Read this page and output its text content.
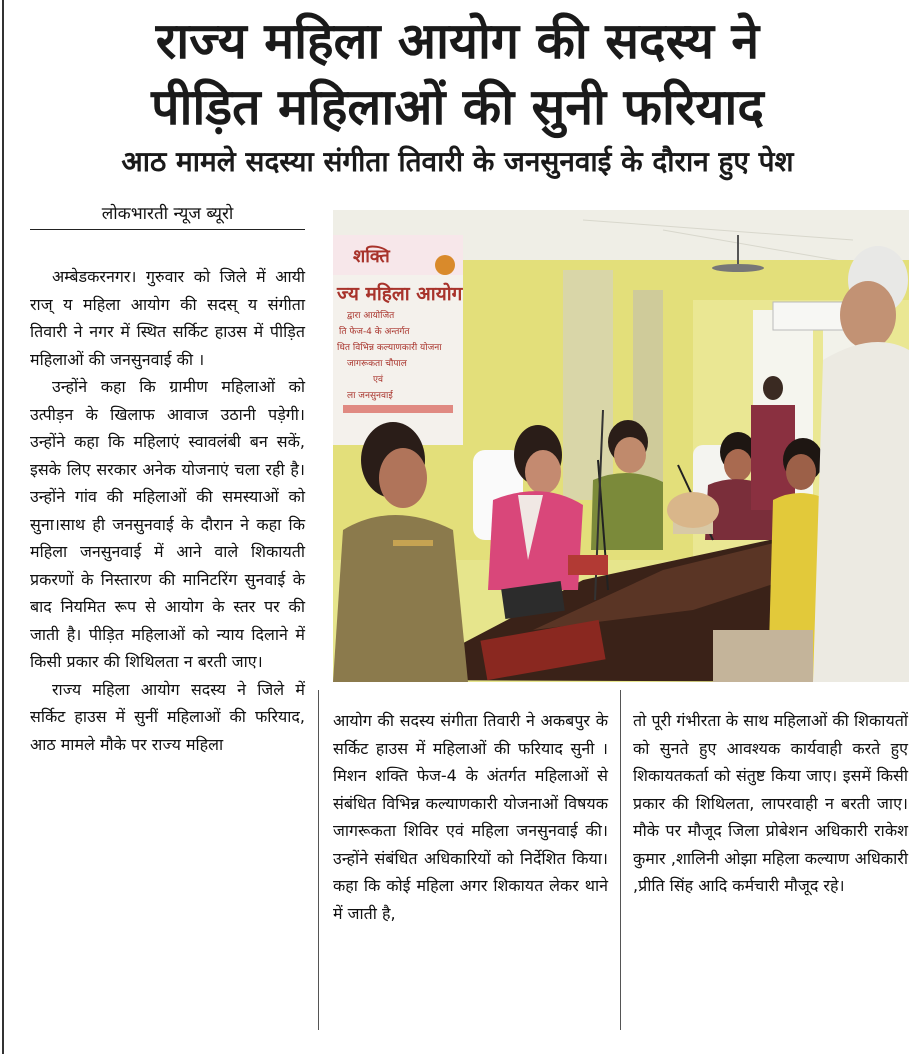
राज्य महिला आयोग की सदस्य ने
पीड़ित महिलाओं की सुनी फरियाद
आठ मामले सदस्या संगीता तिवारी के जनसुनवाई के दौरान हुए पेश
लोकभारती न्यूज ब्यूरो

अम्बेडकरनगर। गुरुवार को जिले में आयी राज् य महिला आयोग की सदस् य संगीता तिवारी ने नगर में स्थित सर्किट हाउस में पीड़ित महिलाओं की जनसुनवाई की ।

उन्होंने कहा कि ग्रामीण महिलाओं को उत्पीड़न के खिलाफ आवाज उठानी पड़ेगी। उन्होंने कहा कि महिलाएं स्वावलंबी बन सकें, इसके लिए सरकार अनेक योजनाएं चला रही है। उन्होंने गांव की महिलाओं की समस्याओं को सुना।साथ ही जनसुनवाई के दौरान ने कहा कि महिला जनसुनवाई में आने वाले शिकायती प्रकरणों के निस्तारण की मानिटरिंग सुनवाई के बाद नियमित रूप से आयोग के स्तर पर की जाती है। पीड़ित महिलाओं को न्याय दिलाने में किसी प्रकार की शिथिलता न बरती जाए।

राज्य महिला आयोग सदस्य ने जिले में सर्किट हाउस में सुनीं महिलाओं की फरियाद, आठ मामले मौके पर राज्य महिला

आयोग की सदस्य संगीता तिवारी ने अकबपुर के सर्किट हाउस में महिलाओं की फरियाद सुनी । मिशन शक्ति फेज-4 के अंतर्गत महिलाओं से संबंधित विभिन्न कल्याणकारी योजनाओं विषयक जागरूकता शिविर एवं महिला जनसुनवाई की। उन्होंने संबंधित अधिकारियों को निर्देशित किया। कहा कि कोई महिला अगर शिकायत लेकर थाने में जाती है,

तो पूरी गंभीरता के साथ महिलाओं की शिकायतों को सुनते हुए आवश्यक कार्यवाही करते हुए शिकायतकर्ता को संतुष्ट किया जाए। इसमें किसी प्रकार की शिथिलता, लापरवाही न बरती जाए।मौके पर मौजूद जिला प्रोबेशन अधिकारी राकेश कुमार ,शालिनी ओझा महिला कल्याण अधिकारी ,प्रीति सिंह आदि कर्मचारी मौजूद रहे।

शक्ति
ज्य महिला आयोग
द्वारा आयोजित
ति फेज-4 के अन्तर्गत
धित विभिन्न कल्याणकारी योजना
जागरूकता चौपाल
एवं
ला जनसुनवाई
